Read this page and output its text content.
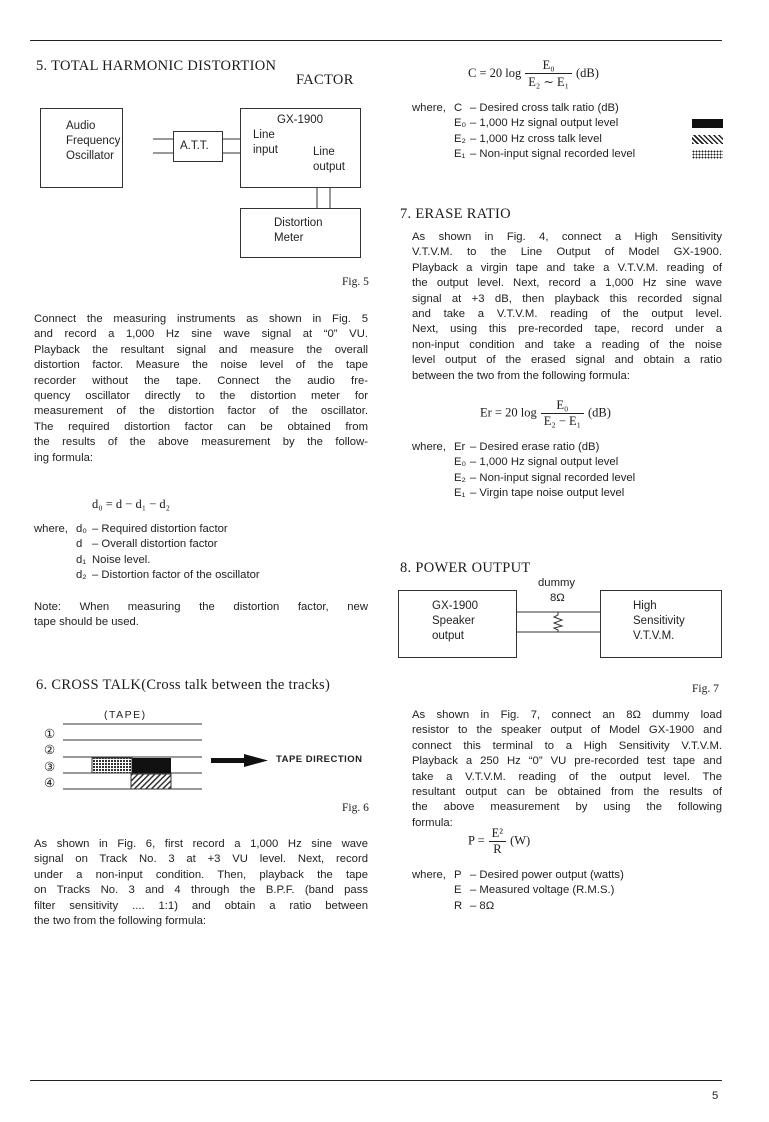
5
5. TOTAL HARMONIC DISTORTION
FACTOR
Audio
Frequency
Oscillator
A.T.T.
GX-1900
Line
input	Line
output
Distortion
Meter
Fig. 5
Connect the measuring instruments as shown in Fig. 5
and record a 1,000 Hz sine wave signal at “0” VU.
Playback the resultant signal and measure the overall
distortion factor. Measure the noise level of the tape
recorder without the tape. Connect the audio fre-
quency oscillator directly to the distortion meter for
measurement of the distortion factor of the oscillator.
The required distortion factor can be obtained from
the results of the above measurement by the follow-
ing formula:
d₀ = d − d₁ − d₂
where, d₀ – Required distortion factor
d – Overall distortion factor
d₁ Noise level.
d₂ – Distortion factor of the oscillator
Note: When measuring the distortion factor, new
tape should be used.
6. CROSS TALK(Cross talk between the tracks)
(TAPE)
①
②
③
④
TAPE DIRECTION
Fig. 6
As shown in Fig. 6, first record a 1,000 Hz sine wave
signal on Track No. 3 at +3 VU level. Next, record
under a non-input condition. Then, playback the tape
on Tracks No. 3 and 4 through the B.P.F. (band pass
filter sensitivity .... 1:1) and obtain a ratio between
the two from the following formula:
C = 20 $\log \frac{\text{E₀}}{\text{E₂ ∼ E₁}} (dB)$
where, C – Desired cross talk ratio (dB)
E₀ – 1,000 Hz signal output level
E₂ – 1,000 Hz cross talk level
E₁ – Non-input signal recorded level
7. ERASE RATIO
As shown in Fig. 4, connect a High Sensitivity
V.T.V.M. to the Line Output of Model GX-1900.
Playback a virgin tape and take a V.T.V.M. reading of
the output level. Next, record a 1,000 Hz sine wave
signal at +3 dB, then playback this recorded signal
and take a V.T.V.M. reading of the output level.
Next, using this pre-recorded tape, record under a
non-input condition and take a reading of the noise
level output of the erased signal and obtain a ratio
between the two from the following formula:
Er = 20 $\log \frac{\text{E₀}}{\text{E₂ − E₁}} (dB)$
where, Er – Desired erase ratio (dB)
E₀ – 1,000 Hz signal output level
E₂ – Non-input signal recorded level
E₁ – Virgin tape noise output level
8. POWER OUTPUT
dummy
8Ω
GX-1900
Speaker
output
High
Sensitivity
V.T.V.M.
Fig. 7
As shown in Fig. 7, connect an 8Ω dummy load
resistor to the speaker output of Model GX-1900 and
connect this terminal to a High Sensitivity V.T.V.M.
Playback a 250 Hz “0” VU pre-recorded test tape and
take a V.T.V.M. reading of the output level. The
resultant output can be obtained from the results of
the above measurement by using the following
formula:
$P = \frac{\text{E²}}{R} (W)$
where, P – Desired power output (watts)
E – Measured voltage (R.M.S.)
R – 8Ω
